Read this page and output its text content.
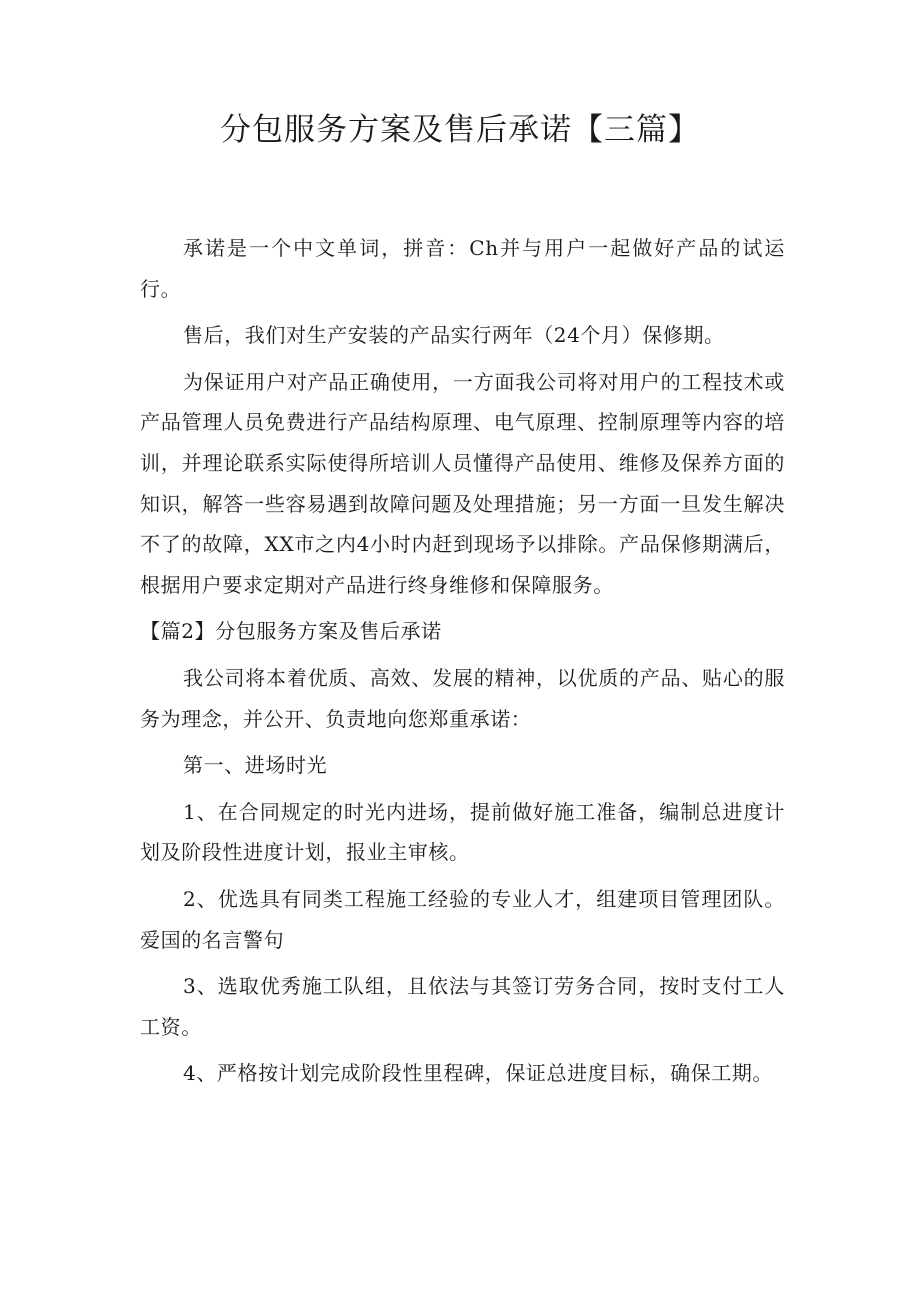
分包服务方案及售后承诺【三篇】

承诺是一个中文单词，拼音：Ch并与用户一起做好产品的试运行。

售后，我们对生产安装的产品实行两年（24个月）保修期。

为保证用户对产品正确使用，一方面我公司将对用户的工程技术或产品管理人员免费进行产品结构原理、电气原理、控制原理等内容的培训，并理论联系实际使得所培训人员懂得产品使用、维修及保养方面的知识，解答一些容易遇到故障问题及处理措施；另一方面一旦发生解决不了的故障，XX市之内4小时内赶到现场予以排除。产品保修期满后，根据用户要求定期对产品进行终身维修和保障服务。

【篇2】分包服务方案及售后承诺

我公司将本着优质、高效、发展的精神，以优质的产品、贴心的服务为理念，并公开、负责地向您郑重承诺：

第一、进场时光

1、在合同规定的时光内进场，提前做好施工准备，编制总进度计划及阶段性进度计划，报业主审核。

2、优选具有同类工程施工经验的专业人才，组建项目管理团队。爱国的名言警句

3、选取优秀施工队组，且依法与其签订劳务合同，按时支付工人工资。

4、严格按计划完成阶段性里程碑，保证总进度目标，确保工期。
